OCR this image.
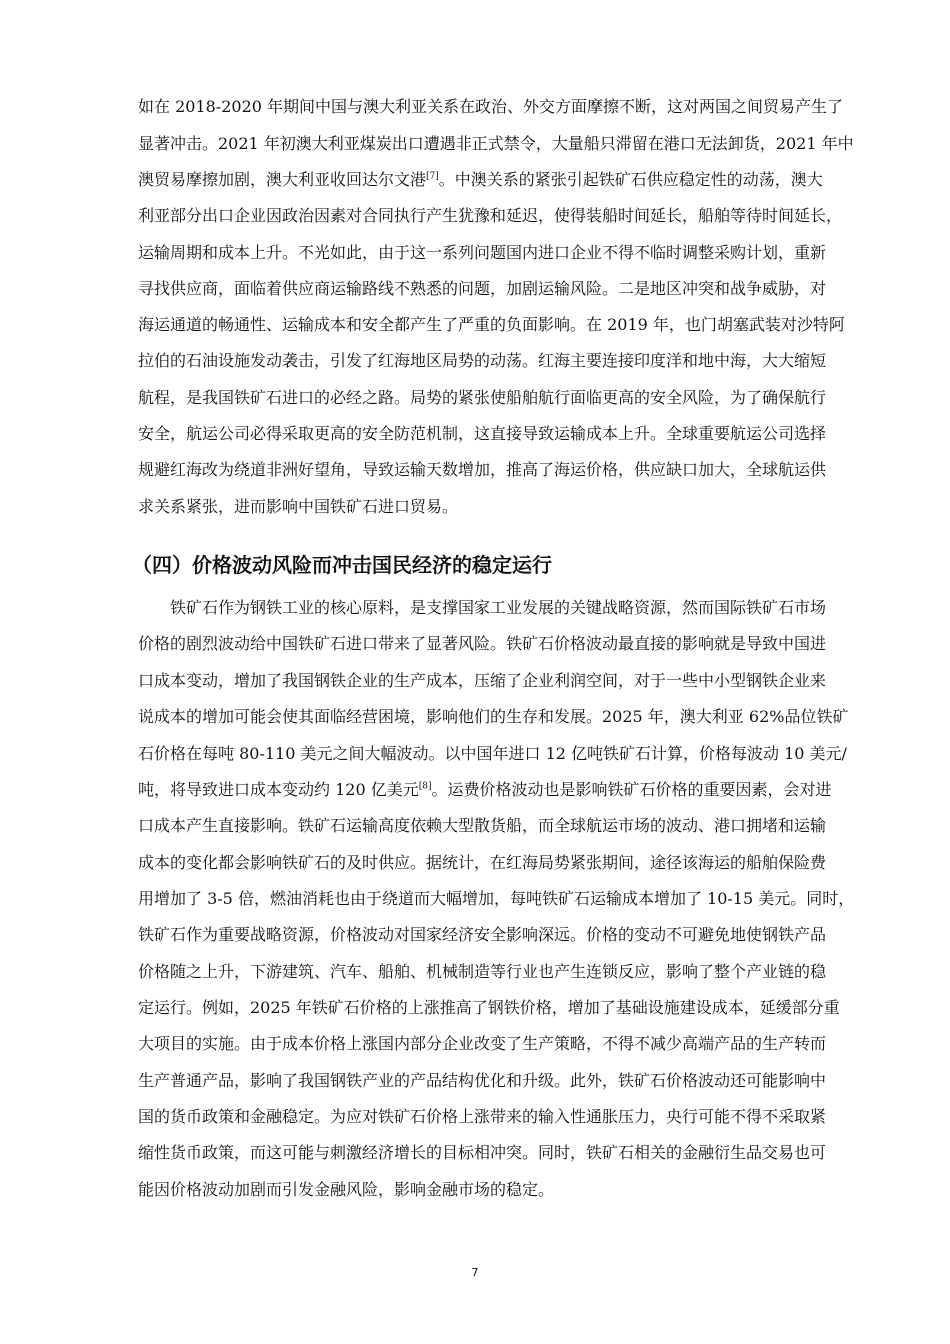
如在 2018-2020 年期间中国与澳大利亚关系在政治、外交方面摩擦不断，这对两国之间贸易产生了
显著冲击。2021 年初澳大利亚煤炭出口遭遇非正式禁令，大量船只滞留在港口无法卸货，2021 年中
澳贸易摩擦加剧，澳大利亚收回达尔文港[7]。中澳关系的紧张引起铁矿石供应稳定性的动荡，澳大
利亚部分出口企业因政治因素对合同执行产生犹豫和延迟，使得装船时间延长，船舶等待时间延长，
运输周期和成本上升。不光如此，由于这一系列问题国内进口企业不得不临时调整采购计划，重新
寻找供应商，面临着供应商运输路线不熟悉的问题，加剧运输风险。二是地区冲突和战争威胁，对
海运通道的畅通性、运输成本和安全都产生了严重的负面影响。在 2019 年，也门胡塞武装对沙特阿
拉伯的石油设施发动袭击，引发了红海地区局势的动荡。红海主要连接印度洋和地中海，大大缩短
航程，是我国铁矿石进口的必经之路。局势的紧张使船舶航行面临更高的安全风险，为了确保航行
安全，航运公司必得采取更高的安全防范机制，这直接导致运输成本上升。全球重要航运公司选择
规避红海改为绕道非洲好望角，导致运输天数增加，推高了海运价格，供应缺口加大，全球航运供
求关系紧张，进而影响中国铁矿石进口贸易。
（四）价格波动风险而冲击国民经济的稳定运行
铁矿石作为钢铁工业的核心原料，是支撑国家工业发展的关键战略资源，然而国际铁矿石市场
价格的剧烈波动给中国铁矿石进口带来了显著风险。铁矿石价格波动最直接的影响就是导致中国进
口成本变动，增加了我国钢铁企业的生产成本，压缩了企业利润空间，对于一些中小型钢铁企业来
说成本的增加可能会使其面临经营困境，影响他们的生存和发展。2025 年，澳大利亚 62%品位铁矿
石价格在每吨 80-110 美元之间大幅波动。以中国年进口 12 亿吨铁矿石计算，价格每波动 10 美元/
吨，将导致进口成本变动约 120 亿美元[8]。运费价格波动也是影响铁矿石价格的重要因素，会对进
口成本产生直接影响。铁矿石运输高度依赖大型散货船，而全球航运市场的波动、港口拥堵和运输
成本的变化都会影响铁矿石的及时供应。据统计，在红海局势紧张期间，途径该海运的船舶保险费
用增加了 3-5 倍，燃油消耗也由于绕道而大幅增加，每吨铁矿石运输成本增加了 10-15 美元。同时，
铁矿石作为重要战略资源，价格波动对国家经济安全影响深远。价格的变动不可避免地使钢铁产品
价格随之上升，下游建筑、汽车、船舶、机械制造等行业也产生连锁反应，影响了整个产业链的稳
定运行。例如，2025 年铁矿石价格的上涨推高了钢铁价格，增加了基础设施建设成本，延缓部分重
大项目的实施。由于成本价格上涨国内部分企业改变了生产策略，不得不减少高端产品的生产转而
生产普通产品，影响了我国钢铁产业的产品结构优化和升级。此外，铁矿石价格波动还可能影响中
国的货币政策和金融稳定。为应对铁矿石价格上涨带来的输入性通胀压力，央行可能不得不采取紧
缩性货币政策，而这可能与刺激经济增长的目标相冲突。同时，铁矿石相关的金融衍生品交易也可
能因价格波动加剧而引发金融风险，影响金融市场的稳定。
7
